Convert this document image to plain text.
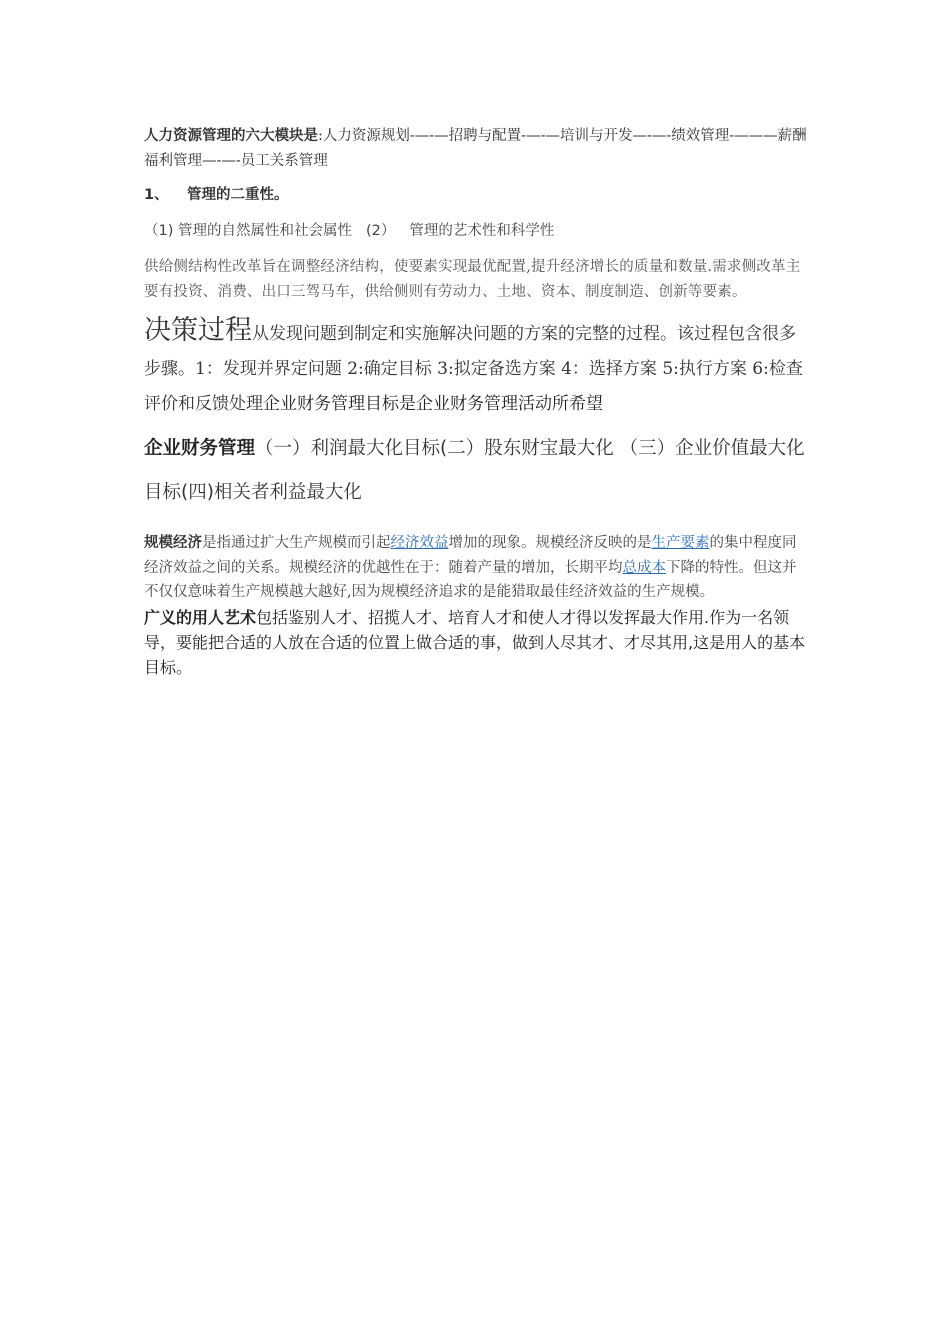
人力资源管理的六大模块是:人力资源规划-—-—招聘与配置-—-—培训与开发—-—-绩效管理-———薪酬福利管理—-—-员工关系管理

1、 管理的二重性。

（1) 管理的自然属性和社会属性 (2） 管理的艺术性和科学性

供给侧结构性改革旨在调整经济结构，使要素实现最优配置,提升经济增长的质量和数量.需求侧改革主要有投资、消费、出口三驾马车，供给侧则有劳动力、土地、资本、制度制造、创新等要素。

决策过程从发现问题到制定和实施解决问题的方案的完整的过程。该过程包含很多步骤。1：发现并界定问题 2:确定目标 3:拟定备选方案 4：选择方案 5:执行方案 6:检查评价和反馈处理企业财务管理目标是企业财务管理活动所希望

企业财务管理（一）利润最大化目标(二）股东财宝最大化 （三）企业价值最大化目标(四)相关者利益最大化

规模经济是指通过扩大生产规模而引起经济效益增加的现象。规模经济反映的是生产要素的集中程度同经济效益之间的关系。规模经济的优越性在于：随着产量的增加，长期平均总成本下降的特性。但这并不仅仅意味着生产规模越大越好,因为规模经济追求的是能猎取最佳经济效益的生产规模。

广义的用人艺术包括鉴别人才、招揽人才、培育人才和使人才得以发挥最大作用.作为一名领导，要能把合适的人放在合适的位置上做合适的事，做到人尽其才、才尽其用,这是用人的基本目标。
